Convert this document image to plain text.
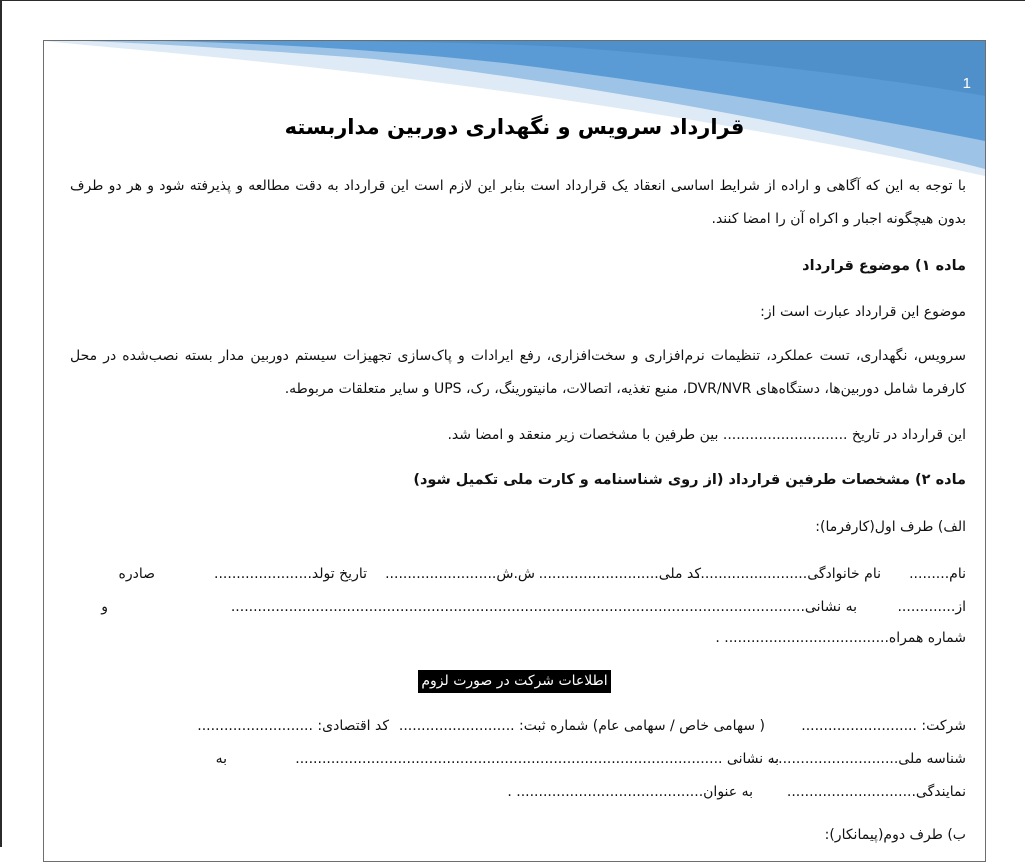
1
قرارداد سرویس و نگهداری دوربین مداربسته

با توجه به این که آگاهی و اراده از شرایط اساسی انعقاد یک قرارداد است بنابر این لازم است این قرارداد به دقت مطالعه و پذیرفته شود و هر دو طرف

بدون هیچگونه اجبار و اکراه آن را امضا کنند.

ماده ۱) موضوع قرارداد

موضوع این قرارداد عبارت است از:

سرویس، نگهداری، تست عملکرد، تنظیمات نرم‌افزاری و سخت‌افزاری، رفع ایرادات و پاک‌سازی تجهیزات سیستم دوربین مدار بسته نصب‌شده در محل

کارفرما شامل دوربین‌ها، دستگاه‌های DVR/NVR، منبع تغذیه، اتصالات، مانیتورینگ، رک، UPS و سایر متعلقات مربوطه.

این قرارداد در تاریخ ............................ بین طرفین با مشخصات زیر منعقد و امضا شد.

ماده ۲) مشخصات طرفین قرارداد (از روی شناسنامه و کارت ملی تکمیل شود)

الف) طرف اول(کارفرما):

نام.........
نام خانوادگی.........................
کد ملی...........................
ش.ش.........................
تاریخ تولد......................
صادره
از.............
به نشانی.................................................................................................................................
و
شماره همراه..................................... .
اطلاعات شرکت در صورت لزوم
شرکت: ..........................
( سهامی خاص / سهامی عام) شماره ثبت: ..........................
کد اقتصادی: ..........................
شناسه ملی.............................
به نشانی ................................................................................................
به
نمایندگی.............................
به عنوان.......................................... .

ب) طرف دوم(پیمانکار):
